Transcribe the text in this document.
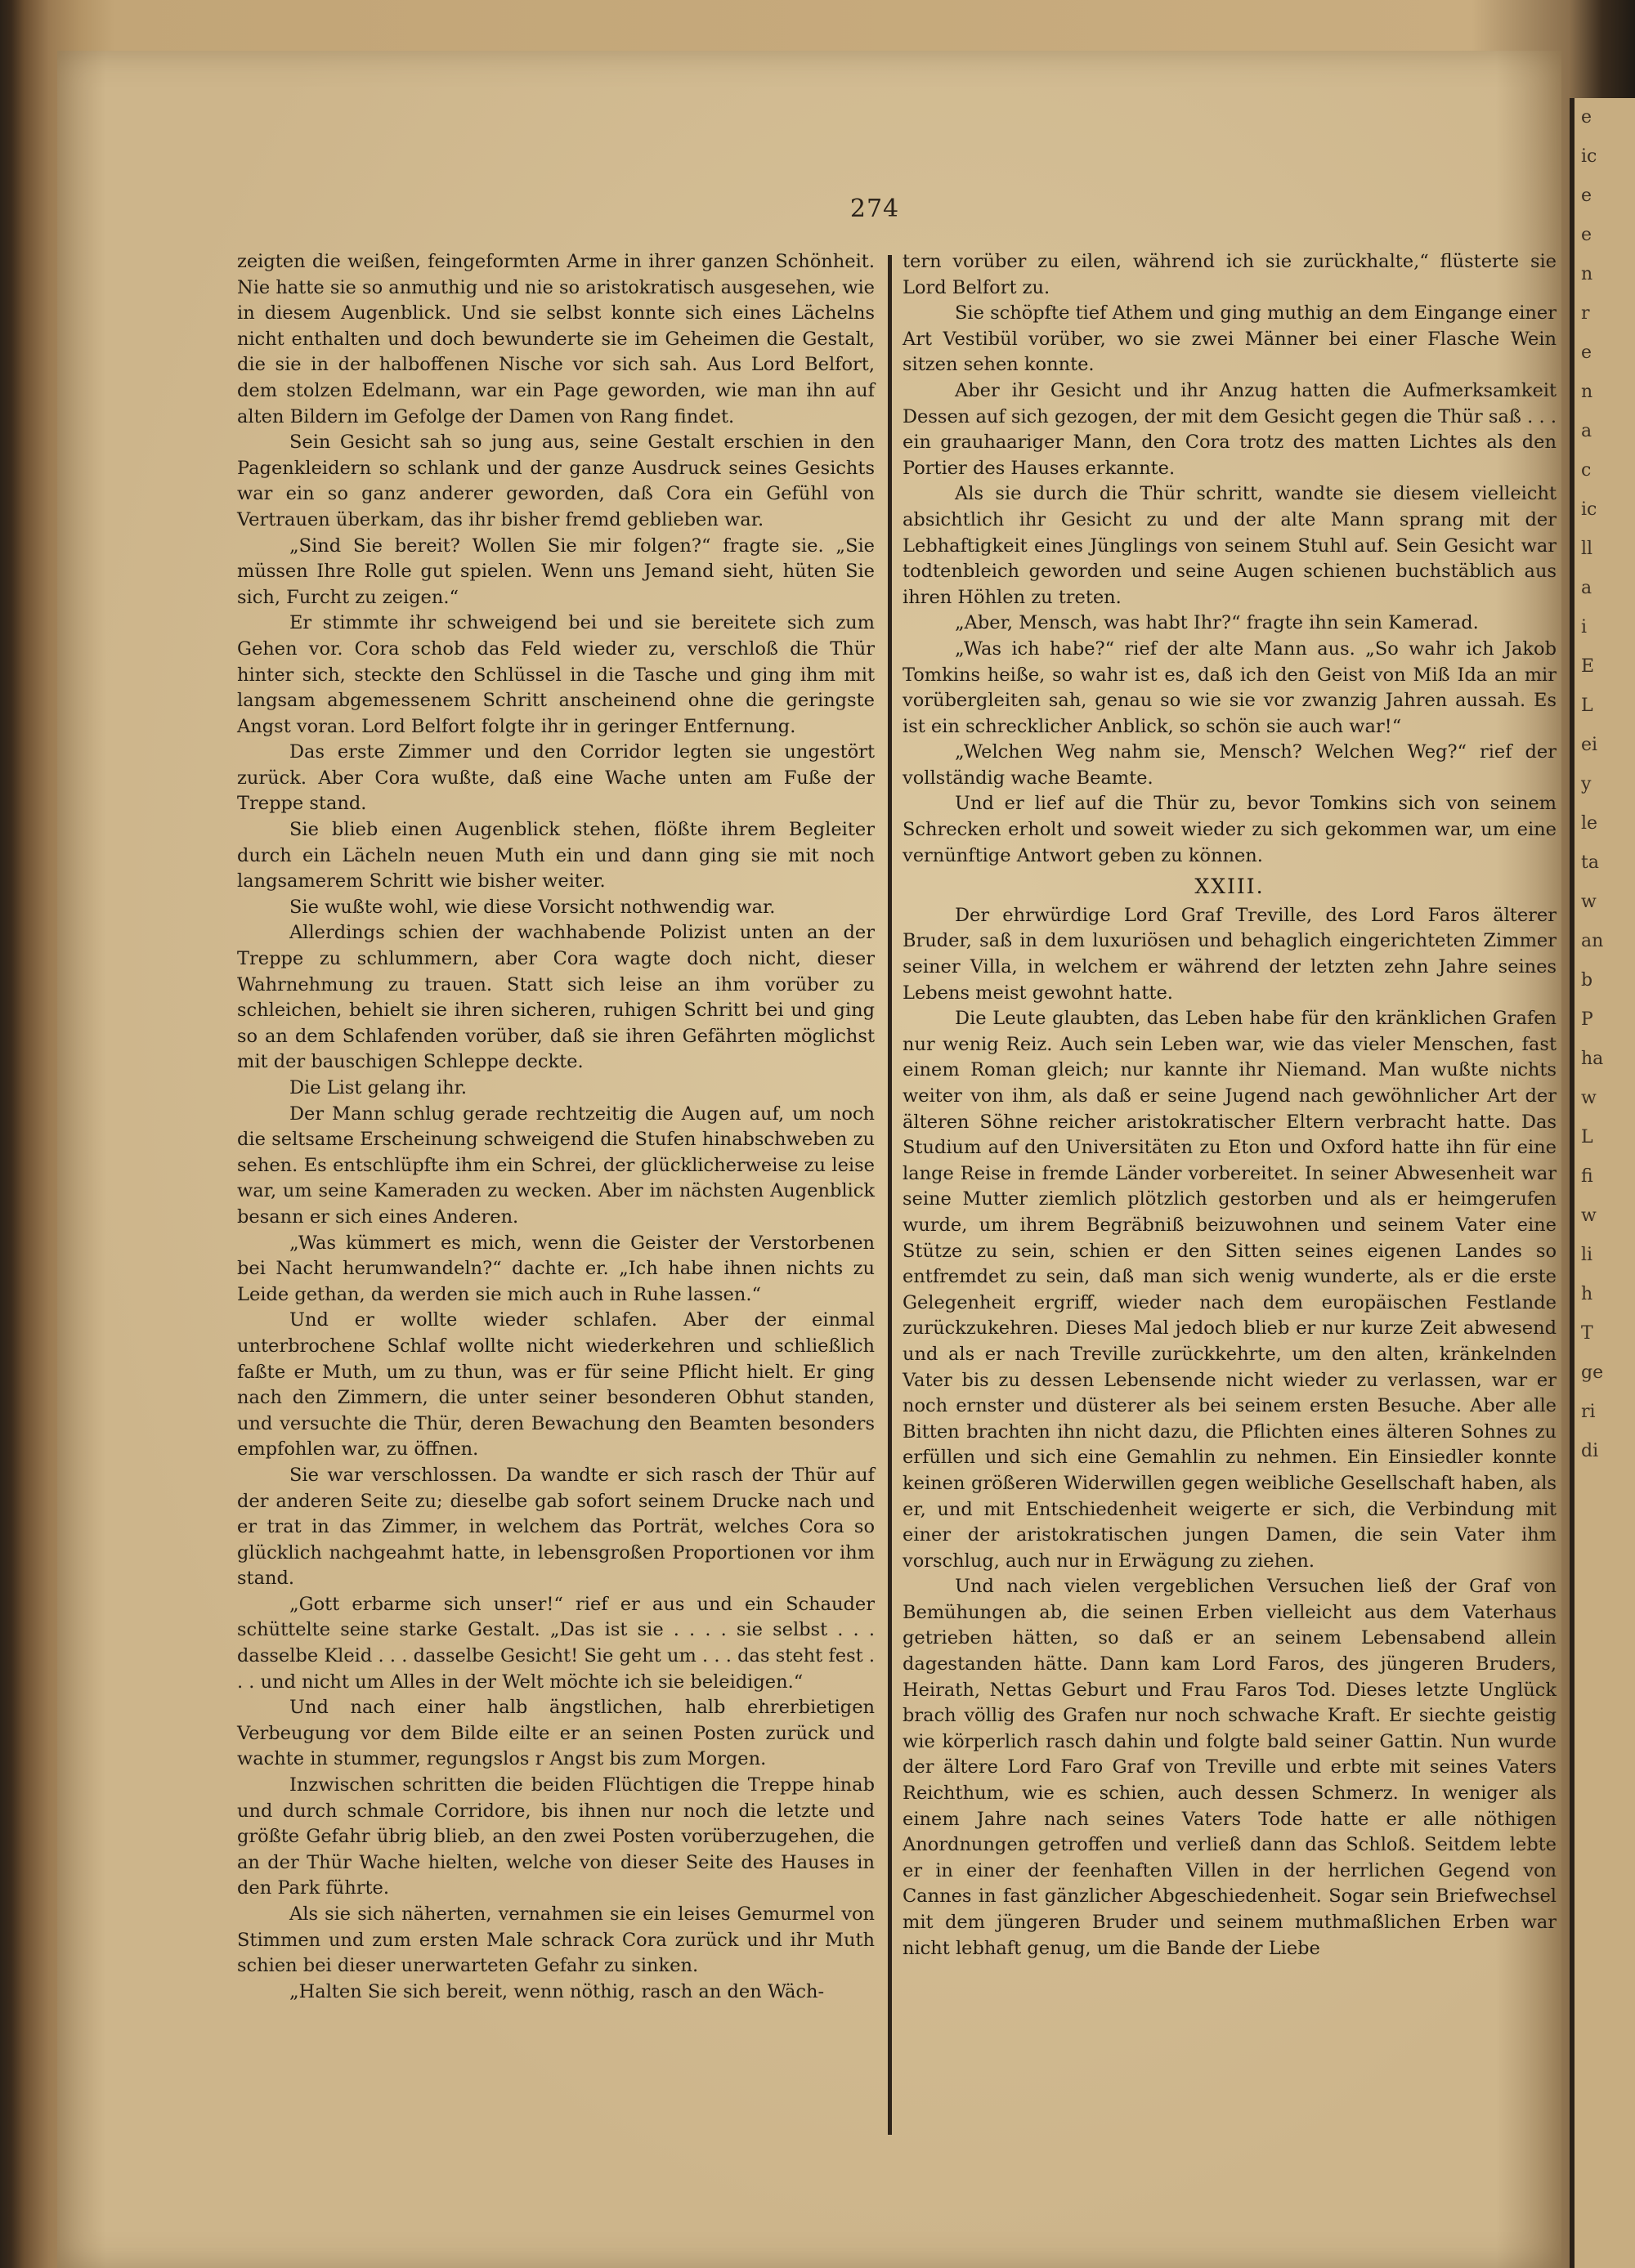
e
ic
e
e
n
r
e
n
a
c
ic
ll
a
i
E
L
ei
y
le
ta
w
an
b
P
ha
w
L
fi
w
li
h
T
ge
ri
di
274

zeigten die weißen, feingeformten Arme in ihrer ganzen Schönheit. Nie hatte sie so anmuthig und nie so aristokratisch ausgesehen, wie in diesem Augenblick. Und sie selbst konnte sich eines Lächelns nicht enthalten und doch bewunderte sie im Geheimen die Gestalt, die sie in der halboffenen Nische vor sich sah. Aus Lord Belfort, dem stolzen Edelmann, war ein Page geworden, wie man ihn auf alten Bildern im Gefolge der Damen von Rang findet.

Sein Gesicht sah so jung aus, seine Gestalt erschien in den Pagenkleidern so schlank und der ganze Ausdruck seines Gesichts war ein so ganz anderer geworden, daß Cora ein Gefühl von Vertrauen überkam, das ihr bisher fremd geblieben war.

„Sind Sie bereit? Wollen Sie mir folgen?“ fragte sie. „Sie müssen Ihre Rolle gut spielen. Wenn uns Jemand sieht, hüten Sie sich, Furcht zu zeigen.“

Er stimmte ihr schweigend bei und sie bereitete sich zum Gehen vor. Cora schob das Feld wieder zu, verschloß die Thür hinter sich, steckte den Schlüssel in die Tasche und ging ihm mit langsam abgemessenem Schritt anscheinend ohne die geringste Angst voran. Lord Belfort folgte ihr in geringer Entfernung.

Das erste Zimmer und den Corridor legten sie ungestört zurück. Aber Cora wußte, daß eine Wache unten am Fuße der Treppe stand.

Sie blieb einen Augenblick stehen, flößte ihrem Begleiter durch ein Lächeln neuen Muth ein und dann ging sie mit noch langsamerem Schritt wie bisher weiter.

Sie wußte wohl, wie diese Vorsicht nothwendig war.

Allerdings schien der wachhabende Polizist unten an der Treppe zu schlummern, aber Cora wagte doch nicht, dieser Wahrnehmung zu trauen. Statt sich leise an ihm vorüber zu schleichen, behielt sie ihren sicheren, ruhigen Schritt bei und ging so an dem Schlafenden vorüber, daß sie ihren Gefährten möglichst mit der bauschigen Schleppe deckte.

Die List gelang ihr.

Der Mann schlug gerade rechtzeitig die Augen auf, um noch die seltsame Erscheinung schweigend die Stufen hinabschweben zu sehen. Es entschlüpfte ihm ein Schrei, der glücklicherweise zu leise war, um seine Kameraden zu wecken. Aber im nächsten Augenblick besann er sich eines Anderen.

„Was kümmert es mich, wenn die Geister der Verstorbenen bei Nacht herumwandeln?“ dachte er. „Ich habe ihnen nichts zu Leide gethan, da werden sie mich auch in Ruhe lassen.“

Und er wollte wieder schlafen. Aber der einmal unterbrochene Schlaf wollte nicht wiederkehren und schließlich faßte er Muth, um zu thun, was er für seine Pflicht hielt. Er ging nach den Zimmern, die unter seiner besonderen Obhut standen, und versuchte die Thür, deren Bewachung den Beamten besonders empfohlen war, zu öffnen.

Sie war verschlossen. Da wandte er sich rasch der Thür auf der anderen Seite zu; dieselbe gab sofort seinem Drucke nach und er trat in das Zimmer, in welchem das Porträt, welches Cora so glücklich nachgeahmt hatte, in lebensgroßen Proportionen vor ihm stand.

„Gott erbarme sich unser!“ rief er aus und ein Schauder schüttelte seine starke Gestalt. „Das ist sie . . . . sie selbst . . . dasselbe Kleid . . . dasselbe Gesicht! Sie geht um . . . das steht fest . . . und nicht um Alles in der Welt möchte ich sie beleidigen.“

Und nach einer halb ängstlichen, halb ehrerbietigen Verbeugung vor dem Bilde eilte er an seinen Posten zurück und wachte in stummer, regungslos r Angst bis zum Morgen.

Inzwischen schritten die beiden Flüchtigen die Treppe hinab und durch schmale Corridore, bis ihnen nur noch die letzte und größte Gefahr übrig blieb, an den zwei Posten vorüberzugehen, die an der Thür Wache hielten, welche von dieser Seite des Hauses in den Park führte.

Als sie sich näherten, vernahmen sie ein leises Gemurmel von Stimmen und zum ersten Male schrack Cora zurück und ihr Muth schien bei dieser unerwarteten Gefahr zu sinken.

„Halten Sie sich bereit, wenn nöthig, rasch an den Wäch-

tern vorüber zu eilen, während ich sie zurückhalte,“ flüsterte sie Lord Belfort zu.

Sie schöpfte tief Athem und ging muthig an dem Eingange einer Art Vestibül vorüber, wo sie zwei Männer bei einer Flasche Wein sitzen sehen konnte.

Aber ihr Gesicht und ihr Anzug hatten die Aufmerksamkeit Dessen auf sich gezogen, der mit dem Gesicht gegen die Thür saß . . . ein grauhaariger Mann, den Cora trotz des matten Lichtes als den Portier des Hauses erkannte.

Als sie durch die Thür schritt, wandte sie diesem vielleicht absichtlich ihr Gesicht zu und der alte Mann sprang mit der Lebhaftigkeit eines Jünglings von seinem Stuhl auf. Sein Gesicht war todtenbleich geworden und seine Augen schienen buchstäblich aus ihren Höhlen zu treten.

„Aber, Mensch, was habt Ihr?“ fragte ihn sein Kamerad.

„Was ich habe?“ rief der alte Mann aus. „So wahr ich Jakob Tomkins heiße, so wahr ist es, daß ich den Geist von Miß Ida an mir vorübergleiten sah, genau so wie sie vor zwanzig Jahren aussah. Es ist ein schrecklicher Anblick, so schön sie auch war!“

„Welchen Weg nahm sie, Mensch? Welchen Weg?“ rief der vollständig wache Beamte.

Und er lief auf die Thür zu, bevor Tomkins sich von seinem Schrecken erholt und soweit wieder zu sich gekommen war, um eine vernünftige Antwort geben zu können.

XXIII.

Der ehrwürdige Lord Graf Treville, des Lord Faros älterer Bruder, saß in dem luxuriösen und behaglich eingerichteten Zimmer seiner Villa, in welchem er während der letzten zehn Jahre seines Lebens meist gewohnt hatte.

Die Leute glaubten, das Leben habe für den kränklichen Grafen nur wenig Reiz. Auch sein Leben war, wie das vieler Menschen, fast einem Roman gleich; nur kannte ihr Niemand. Man wußte nichts weiter von ihm, als daß er seine Jugend nach gewöhnlicher Art der älteren Söhne reicher aristokratischer Eltern verbracht hatte. Das Studium auf den Universitäten zu Eton und Oxford hatte ihn für eine lange Reise in fremde Länder vorbereitet. In seiner Abwesenheit war seine Mutter ziemlich plötzlich gestorben und als er heimgerufen wurde, um ihrem Begräbniß beizuwohnen und seinem Vater eine Stütze zu sein, schien er den Sitten seines eigenen Landes so entfremdet zu sein, daß man sich wenig wunderte, als er die erste Gelegenheit ergriff, wieder nach dem europäischen Festlande zurückzukehren. Dieses Mal jedoch blieb er nur kurze Zeit abwesend und als er nach Treville zurückkehrte, um den alten, kränkelnden Vater bis zu dessen Lebensende nicht wieder zu verlassen, war er noch ernster und düsterer als bei seinem ersten Besuche. Aber alle Bitten brachten ihn nicht dazu, die Pflichten eines älteren Sohnes zu erfüllen und sich eine Gemahlin zu nehmen. Ein Einsiedler konnte keinen größeren Widerwillen gegen weibliche Gesellschaft haben, als er, und mit Entschiedenheit weigerte er sich, die Verbindung mit einer der aristokratischen jungen Damen, die sein Vater ihm vorschlug, auch nur in Erwägung zu ziehen.

Und nach vielen vergeblichen Versuchen ließ der Graf von Bemühungen ab, die seinen Erben vielleicht aus dem Vaterhaus getrieben hätten, so daß er an seinem Lebensabend allein dagestanden hätte. Dann kam Lord Faros, des jüngeren Bruders, Heirath, Nettas Geburt und Frau Faros Tod. Dieses letzte Unglück brach völlig des Grafen nur noch schwache Kraft. Er siechte geistig wie körperlich rasch dahin und folgte bald seiner Gattin. Nun wurde der ältere Lord Faro Graf von Treville und erbte mit seines Vaters Reichthum, wie es schien, auch dessen Schmerz. In weniger als einem Jahre nach seines Vaters Tode hatte er alle nöthigen Anordnungen getroffen und verließ dann das Schloß. Seitdem lebte er in einer der feenhaften Villen in der herrlichen Gegend von Cannes in fast gänzlicher Abgeschiedenheit. Sogar sein Briefwechsel mit dem jüngeren Bruder und seinem muthmaßlichen Erben war nicht lebhaft genug, um die Bande der Liebe
